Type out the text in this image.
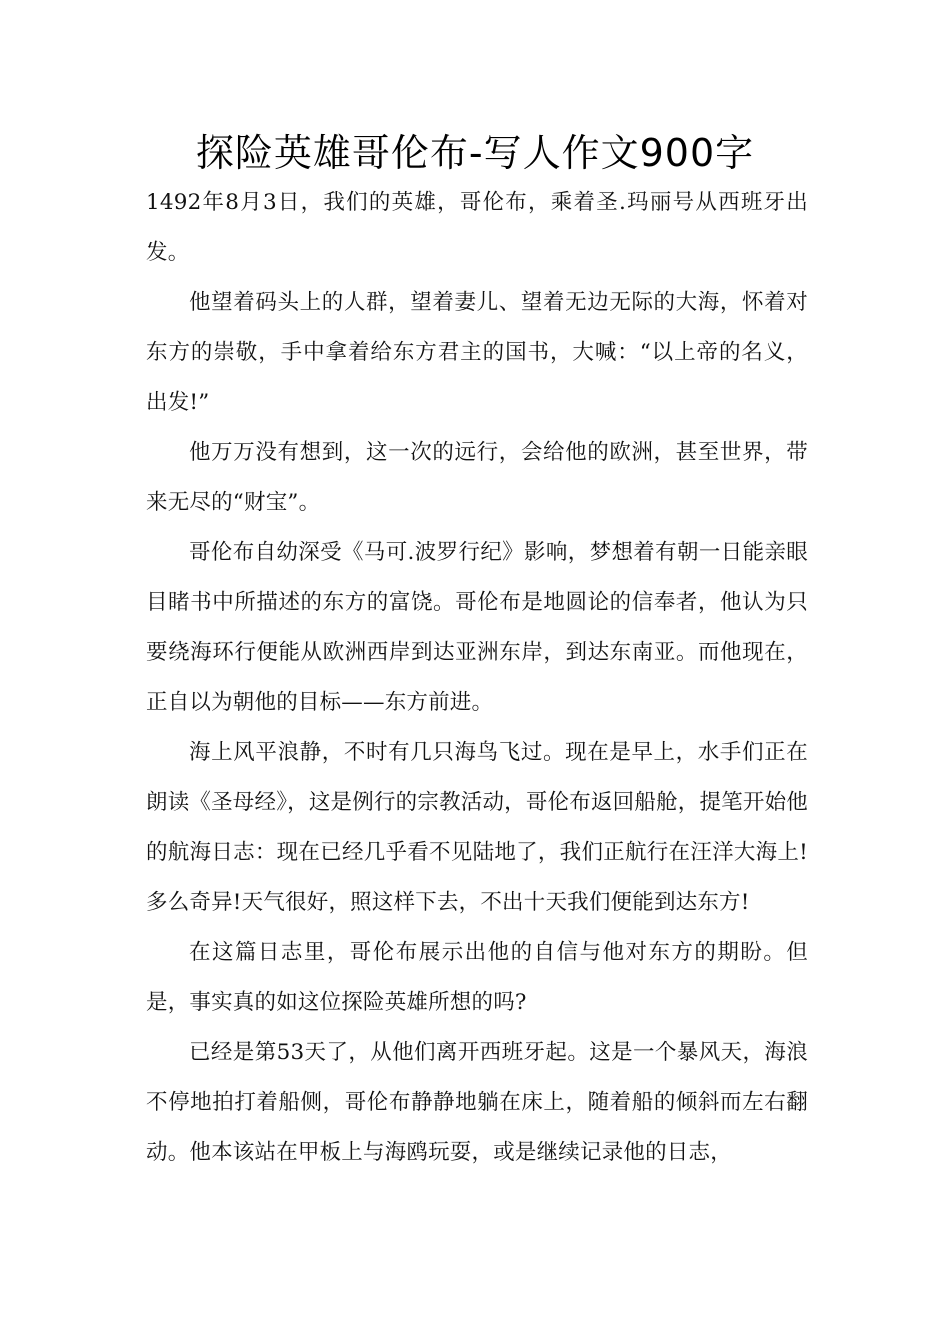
探险英雄哥伦布-写人作文900字

1492年8月3日，我们的英雄，哥伦布，乘着圣.玛丽号从西班牙出发。

他望着码头上的人群，望着妻儿、望着无边无际的大海，怀着对东方的崇敬，手中拿着给东方君主的国书，大喊：“以上帝的名义，出发!”

他万万没有想到，这一次的远行，会给他的欧洲，甚至世界，带来无尽的“财宝”。

哥伦布自幼深受《马可.波罗行纪》影响，梦想着有朝一日能亲眼目睹书中所描述的东方的富饶。哥伦布是地圆论的信奉者，他认为只要绕海环行便能从欧洲西岸到达亚洲东岸，到达东南亚。而他现在，正自以为朝他的目标——东方前进。

海上风平浪静，不时有几只海鸟飞过。现在是早上，水手们正在朗读《圣母经》，这是例行的宗教活动，哥伦布返回船舱，提笔开始他的航海日志：现在已经几乎看不见陆地了，我们正航行在汪洋大海上!多么奇异!天气很好，照这样下去，不出十天我们便能到达东方!

在这篇日志里，哥伦布展示出他的自信与他对东方的期盼。但是，事实真的如这位探险英雄所想的吗?

已经是第53天了，从他们离开西班牙起。这是一个暴风天，海浪不停地拍打着船侧，哥伦布静静地躺在床上，随着船的倾斜而左右翻动。他本该站在甲板上与海鸥玩耍，或是继续记录他的日志，
